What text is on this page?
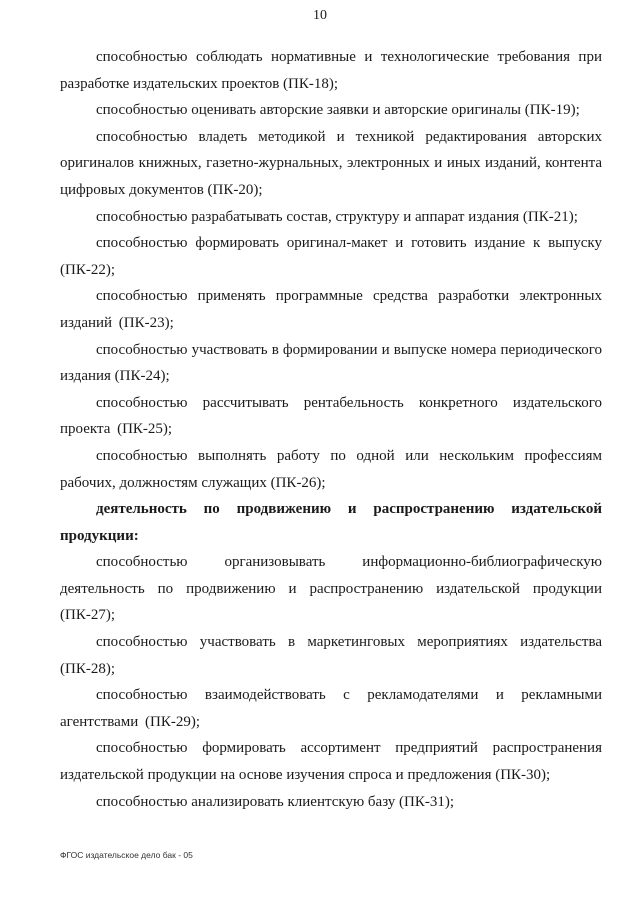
10

способностью соблюдать нормативные и технологические требования при разработке издательских проектов (ПК-18);

способностью оценивать авторские заявки и авторские оригиналы (ПК-19);

способностью владеть методикой и техникой редактирования авторских оригиналов книжных, газетно-журнальных, электронных и иных изданий, контента цифровых документов (ПК-20);

способностью разрабатывать состав, структуру и аппарат издания (ПК-21);

способностью формировать оригинал-макет и готовить издание к выпуску (ПК-22);

способностью применять программные средства разработки электронных изданий (ПК-23);

способностью участвовать в формировании и выпуске номера периодического издания (ПК-24);

способностью рассчитывать рентабельность конкретного издательского проекта (ПК-25);

способностью выполнять работу по одной или нескольким профессиям рабочих, должностям служащих (ПК-26);

деятельность по продвижению и распространению издательской продукции:

способностью организовывать информационно-библиографическую деятельность по продвижению и распространению издательской продукции (ПК-27);

способностью участвовать в маркетинговых мероприятиях издательства (ПК-28);

способностью взаимодействовать с рекламодателями и рекламными агентствами (ПК-29);

способностью формировать ассортимент предприятий распространения издательской продукции на основе изучения спроса и предложения (ПК-30);

способностью анализировать клиентскую базу (ПК-31);

ФГОС издательское дело бак - 05
